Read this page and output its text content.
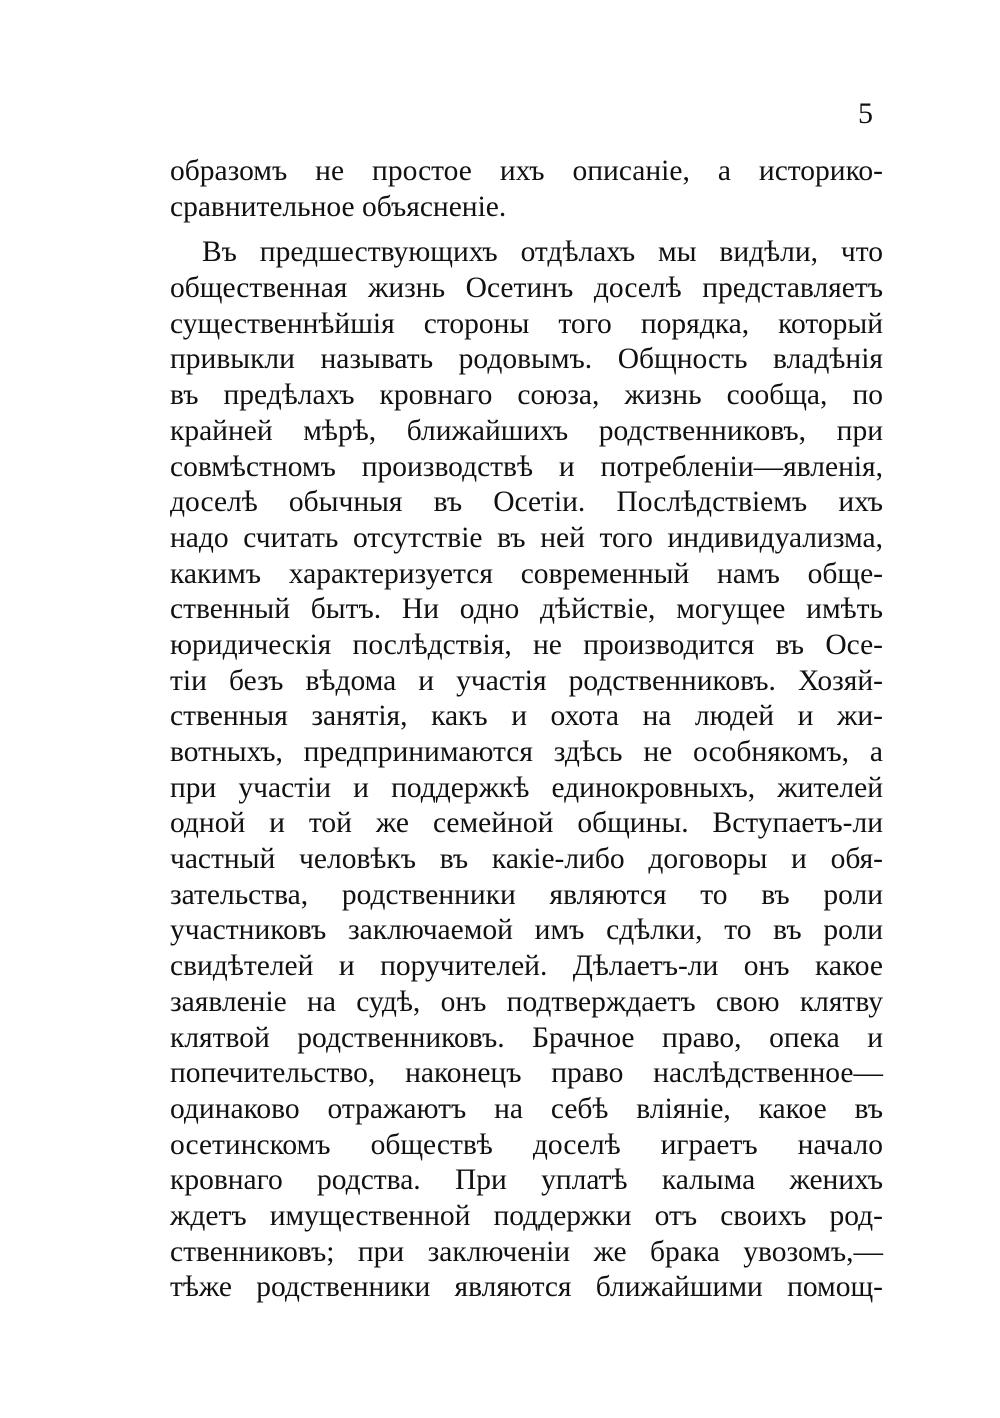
5
образомъ не простое ихъ описанiе, а историко-
сравнительное объясненiе.
Въ предшествующихъ отдѣлахъ мы видѣли, что
общественная жизнь Осетинъ доселѣ представляетъ
существеннѣйшiя стороны того порядка, который
привыкли называть родовымъ. Общность владѣнiя
въ предѣлахъ кровнаго союза, жизнь сообща, по
крайней мѣрѣ, ближайшихъ родственниковъ, при
совмѣстномъ производствѣ и потребленiи—явленiя,
доселѣ обычныя въ Осетiи. Послѣдствiемъ ихъ
надо считать отсутствiе въ ней того индивидуализма,
какимъ характеризуется современный намъ обще-
ственный бытъ. Ни одно дѣйствiе, могущее имѣть
юридическiя послѣдствiя, не производится въ Осе-
тiи безъ вѣдома и участiя родственниковъ. Хозяй-
ственныя занятiя, какъ и охота на людей и жи-
вотныхъ, предпринимаются здѣсь не особнякомъ, а
при участiи и поддержкѣ единокровныхъ, жителей
одной и той же семейной общины. Вступаетъ-ли
частный человѣкъ въ какiе-либо договоры и обя-
зательства, родственники являются то въ роли
участниковъ заключаемой имъ сдѣлки, то въ роли
свидѣтелей и поручителей. Дѣлаетъ-ли онъ какое
заявленiе на судѣ, онъ подтверждаетъ свою клятву
клятвой родственниковъ. Брачное право, опека и
попечительство, наконецъ право наслѣдственное—
одинаково отражаютъ на себѣ влiянiе, какое въ
осетинскомъ обществѣ доселѣ играетъ начало
кровнаго родства. При уплатѣ калыма женихъ
ждетъ имущественной поддержки отъ своихъ род-
ственниковъ; при заключенiи же брака увозомъ,—
тѣже родственники являются ближайшими помощ-
